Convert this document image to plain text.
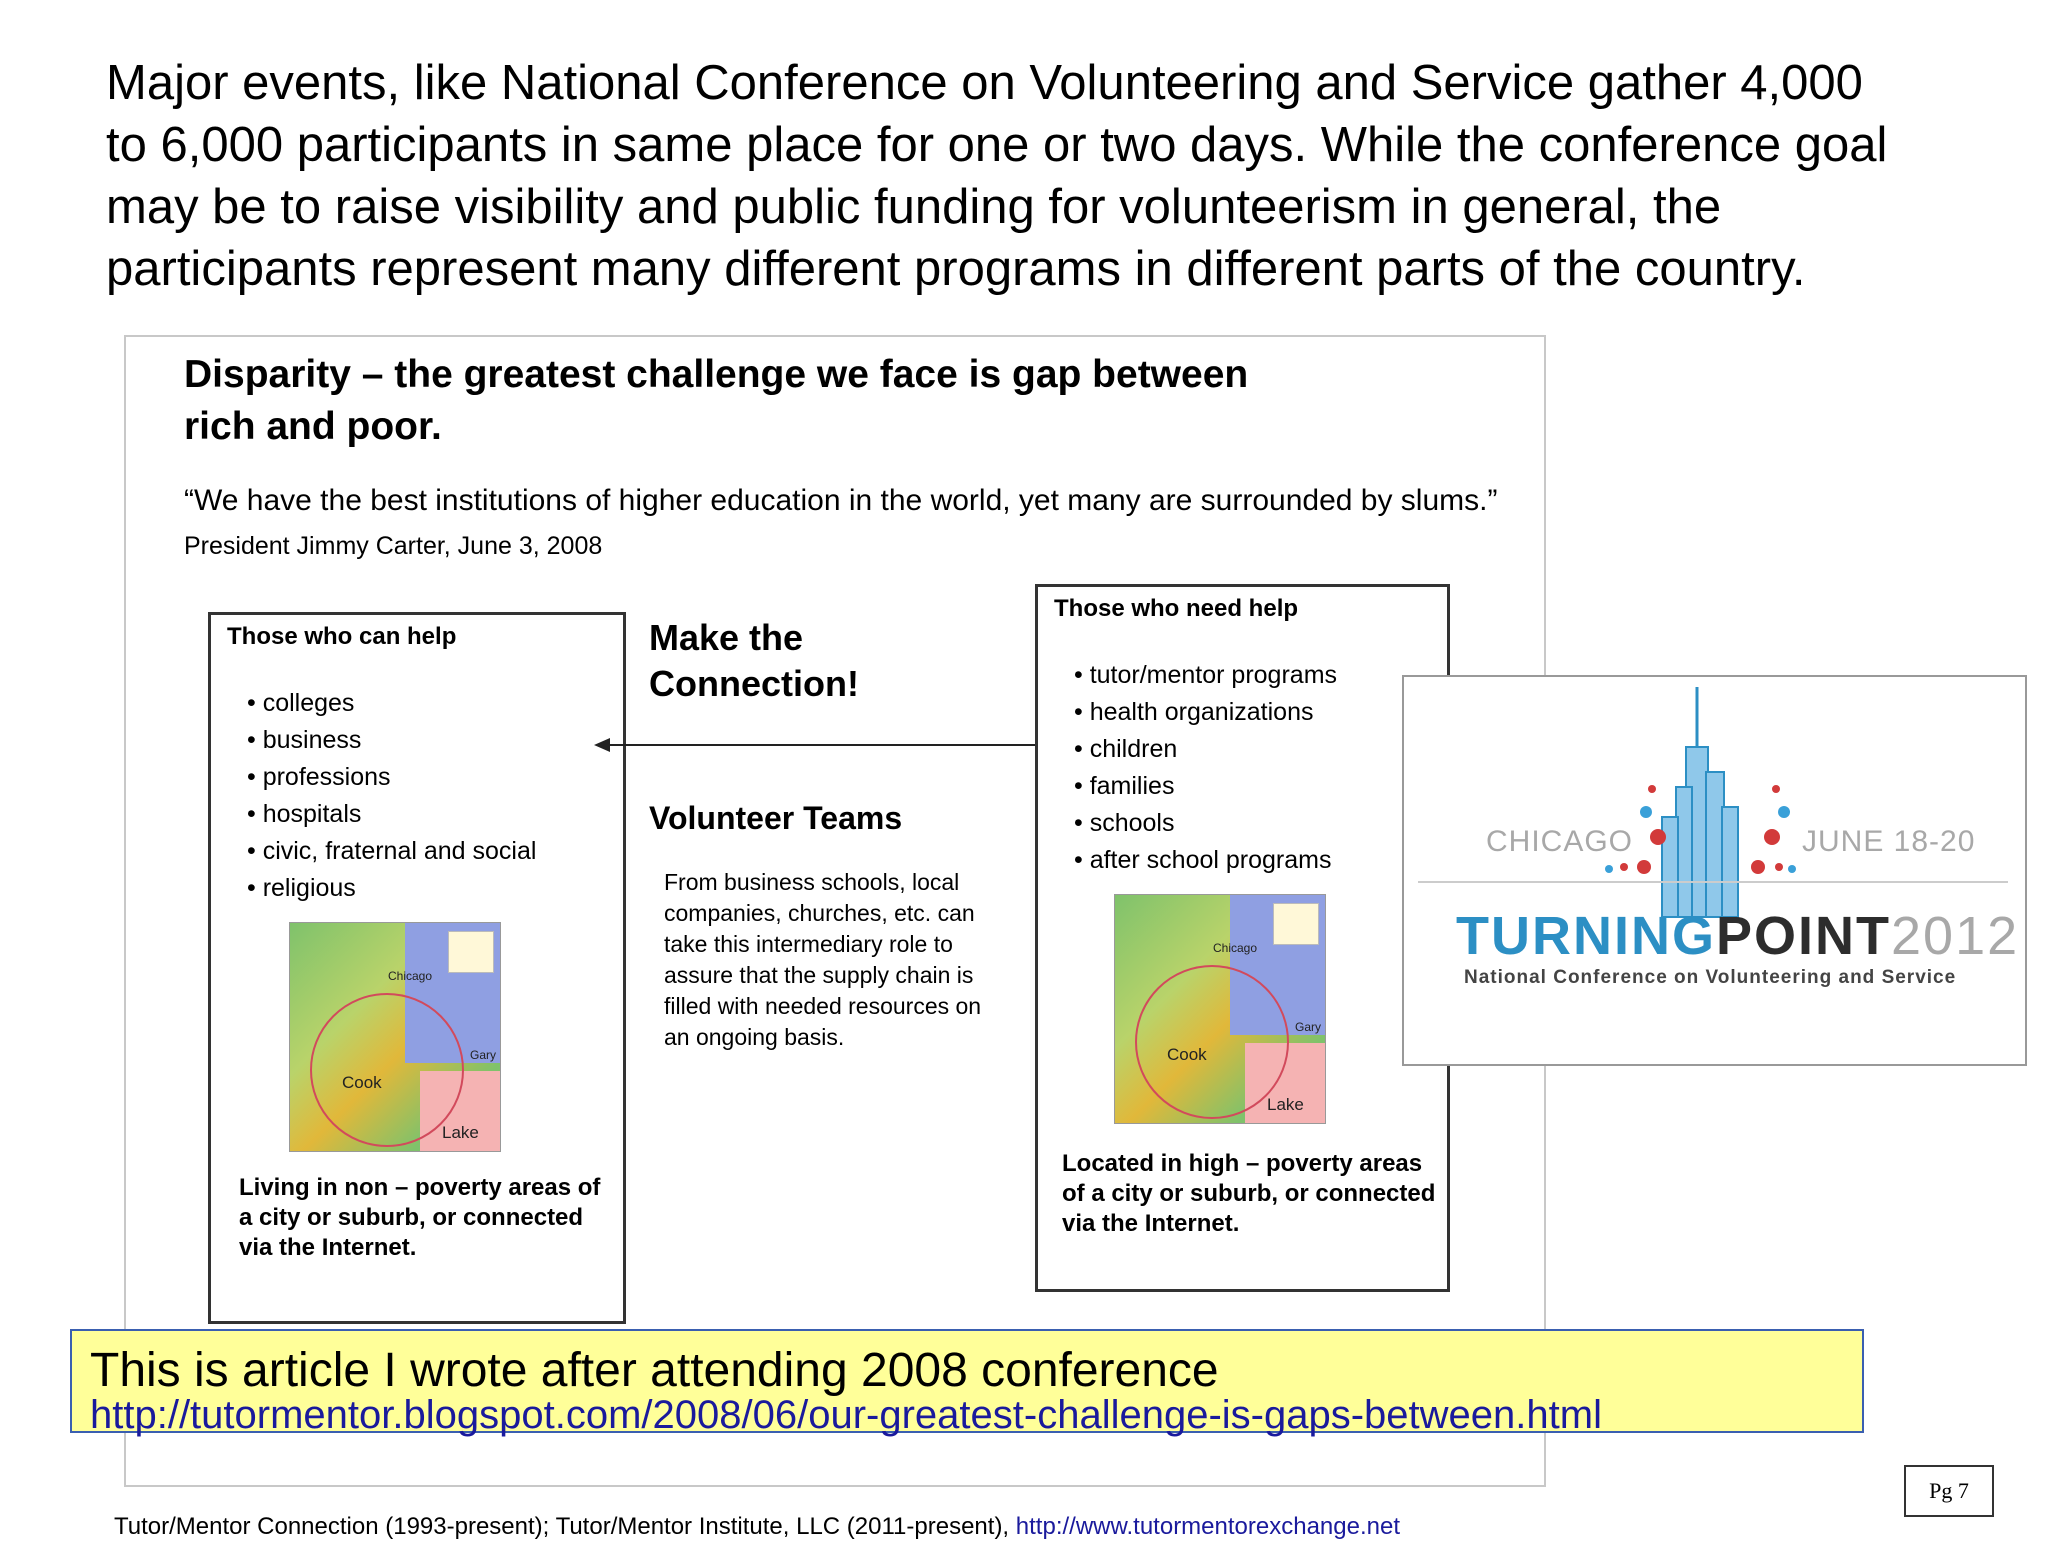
Major events, like National Conference on Volunteering and Service gather 4,000

to 6,000 participants in same place for one or two days. While the conference goal

may be to raise visibility and public funding for volunteerism in general, the

participants represent many different programs in different parts of the country.

Disparity – the greatest challenge we face is gap between
rich and poor.
“We have the best institutions of higher education in the world, yet many are surrounded by slums.” President Jimmy Carter, June 3, 2008
Those who can help
• colleges
• business
• professions
• hospitals
• civic, fraternal and social
• religious
Chicago
Gary
Cook
Lake
Living in non – poverty areas of a city or suburb, or connected via the Internet.
Make the
Connection!
Volunteer Teams
From business schools, local companies, churches, etc. can take this intermediary role to assure that the supply chain is filled with needed resources on an ongoing basis.
Those who need help
• tutor/mentor programs
• health organizations
• children
• families
• schools
• after school programs
Chicago
Gary
Cook
Lake
Located in high – poverty areas of a city or suburb, or connected via the Internet.
CHICAGO	JUNE 18-20
TURNINGPOINT2012
National Conference on Volunteering and Service
This is article I wrote after attending 2008 conference
http://tutormentor.blogspot.com/2008/06/our-greatest-challenge-is-gaps-between.html
Pg 7
Tutor/Mentor Connection (1993-present); Tutor/Mentor Institute, LLC (2011-present), http://www.tutormentorexchange.net
